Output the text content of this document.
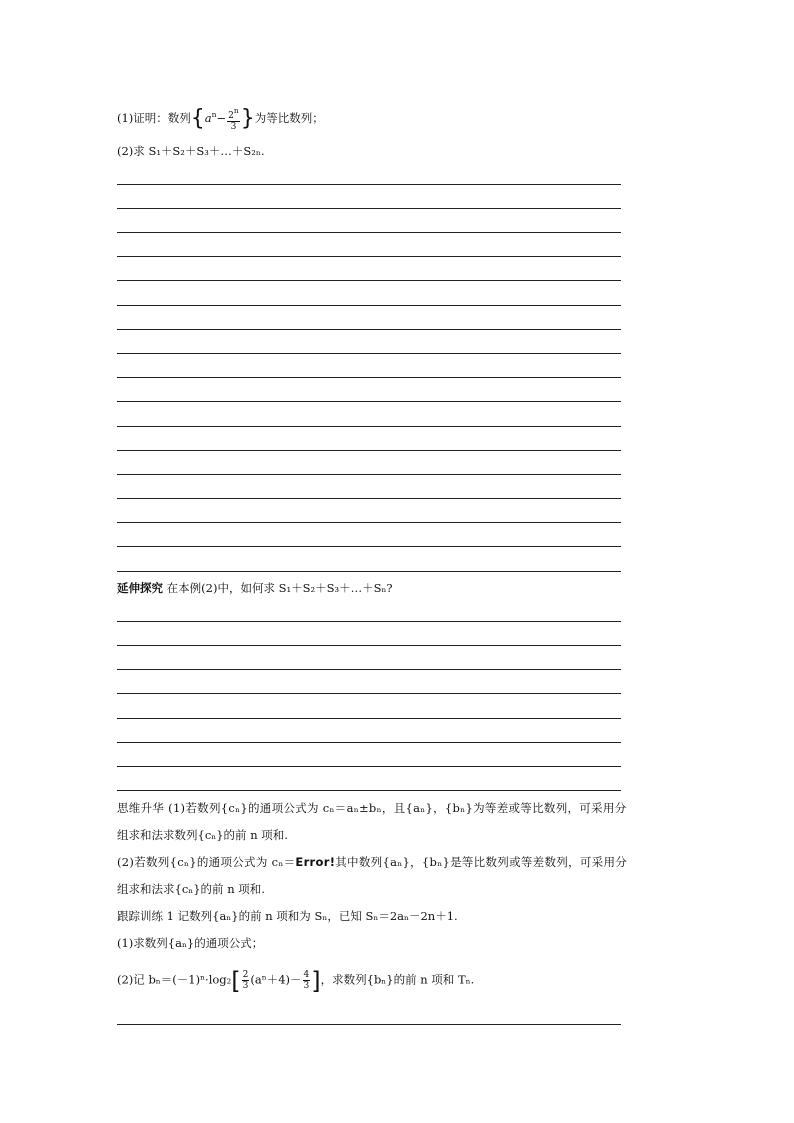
(1)证明：数列{$a^n- \frac{2^n}{3}$ }为等比数列；
(2)求 S₁＋S₂＋S₃＋…＋S₂ₙ.
延伸探究 在本例(2)中，如何求 S₁＋S₂＋S₃＋…＋Sₙ?
思维升华 (1)若数列{cₙ}的通项公式为 cₙ＝aₙ±bₙ，且{aₙ}，{bₙ}为等差或等比数列，可采用分
组求和法求数列{cₙ}的前 n 项和.
(2)若数列{cₙ}的通项公式为 cₙ＝Error!其中数列{aₙ}，{bₙ}是等比数列或等差数列，可采用分
组求和法求{cₙ}的前 n 项和.
跟踪训练 1 记数列{aₙ}的前 n 项和为 Sₙ，已知 Sₙ＝2aₙ－2n＋1.
(1)求数列{aₙ}的通项公式；
(2)记 $b_n=(-1)^n\cdot\log_2[ \frac{2}{3} (a^n+4)- \frac{4}{3}$ ]，求数列{bₙ}的前 n 项和 Tₙ.
